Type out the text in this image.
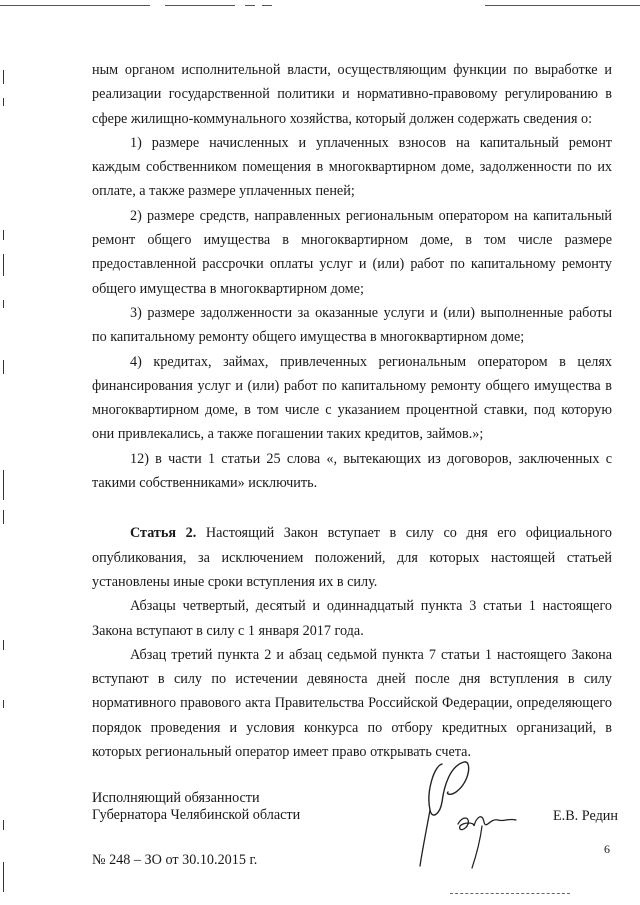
ным органом исполнительной власти, осуществляющим функции по выработке и реализации государственной политики и нормативно-правовому регулированию в сфере жилищно-коммунального хозяйства, который должен содержать сведения о:

1) размере начисленных и уплаченных взносов на капитальный ремонт каждым собственником помещения в многоквартирном доме, задолженности по их оплате, а также размере уплаченных пеней;

2) размере средств, направленных региональным оператором на капитальный ремонт общего имущества в многоквартирном доме, в том числе размере предоставленной рассрочки оплаты услуг и (или) работ по капитальному ремонту общего имущества в многоквартирном доме;

3) размере задолженности за оказанные услуги и (или) выполненные работы по капитальному ремонту общего имущества в многоквартирном доме;

4) кредитах, займах, привлеченных региональным оператором в целях финансирования услуг и (или) работ по капитальному ремонту общего имущества в многоквартирном доме, в том числе с указанием процентной ставки, под которую они привлекались, а также погашении таких кредитов, займов.»;

12) в части 1 статьи 25 слова «, вытекающих из договоров, заключенных с такими собственниками» исключить.

Статья 2. Настоящий Закон вступает в силу со дня его официального опубликования, за исключением положений, для которых настоящей статьей установлены иные сроки вступления их в силу.

Абзацы четвертый, десятый и одиннадцатый пункта 3 статьи 1 настоящего Закона вступают в силу с 1 января 2017 года.

Абзац третий пункта 2 и абзац седьмой пункта 7 статьи 1 настоящего Закона вступают в силу по истечении девяноста дней после дня вступления в силу нормативного правового акта Правительства Российской Федерации, определяющего порядок проведения и условия конкурса по отбору кредитных организаций, в которых региональный оператор имеет право открывать счета.

Исполняющий обязанности
Губернатора Челябинской области	Е.В. Редин
№ 248 – ЗО от 30.10.2015 г.
6
